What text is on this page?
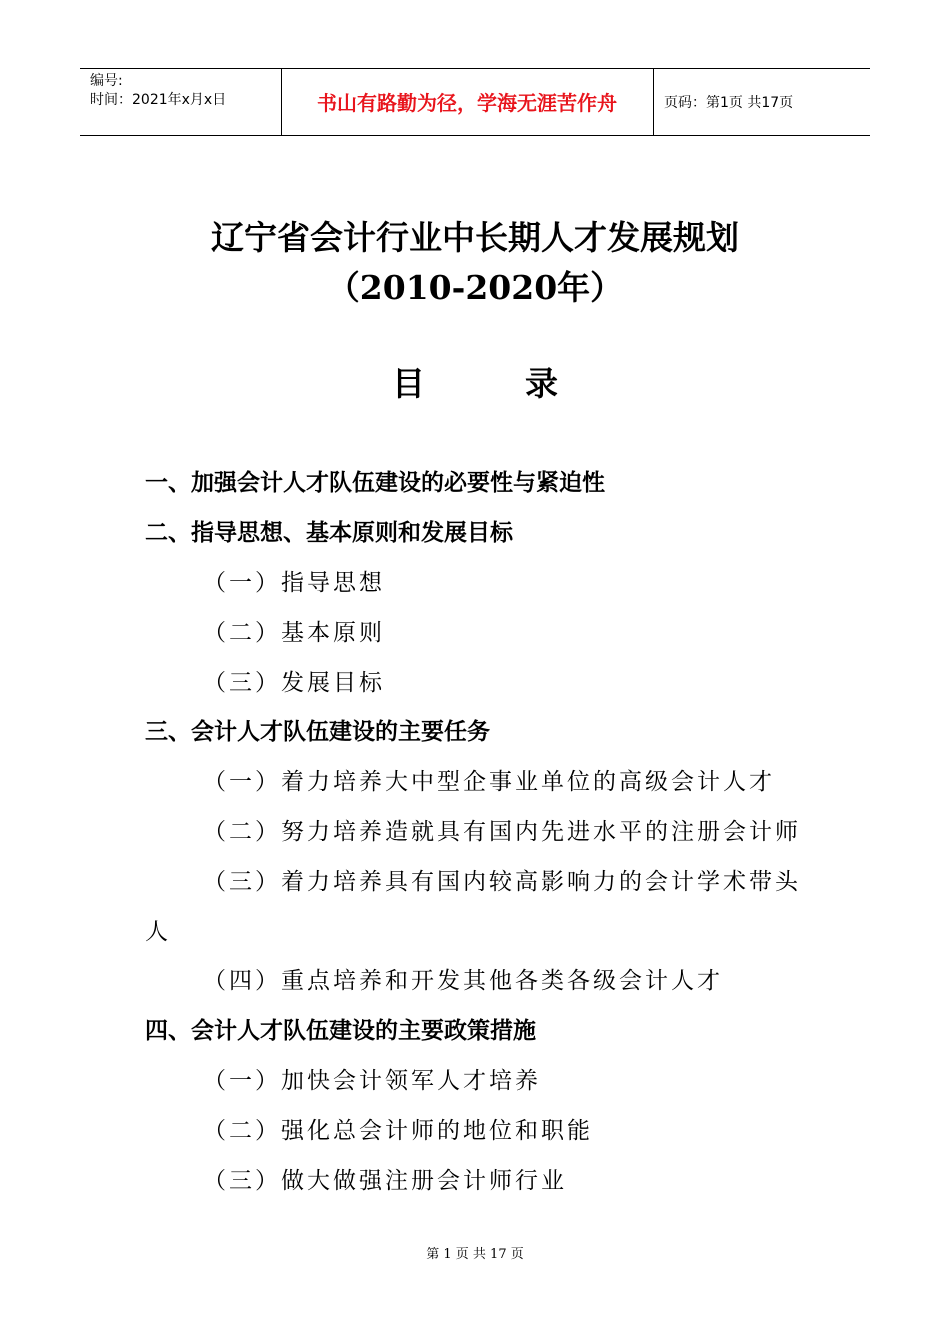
编号:
时间：2021年x月x日	书山有路勤为径，学海无涯苦作舟	页码：第1页 共17页
辽宁省会计行业中长期人才发展规划
（2010-2020年）
目录
一、加强会计人才队伍建设的必要性与紧迫性
二、指导思想、基本原则和发展目标
（一）指导思想
（二）基本原则
（三）发展目标
三、会计人才队伍建设的主要任务
（一）着力培养大中型企事业单位的高级会计人才
（二）努力培养造就具有国内先进水平的注册会计师
（三）着力培养具有国内较高影响力的会计学术带头
人
（四）重点培养和开发其他各类各级会计人才
四、会计人才队伍建设的主要政策措施
（一）加快会计领军人才培养
（二）强化总会计师的地位和职能
（三）做大做强注册会计师行业
第 1 页 共 17 页
